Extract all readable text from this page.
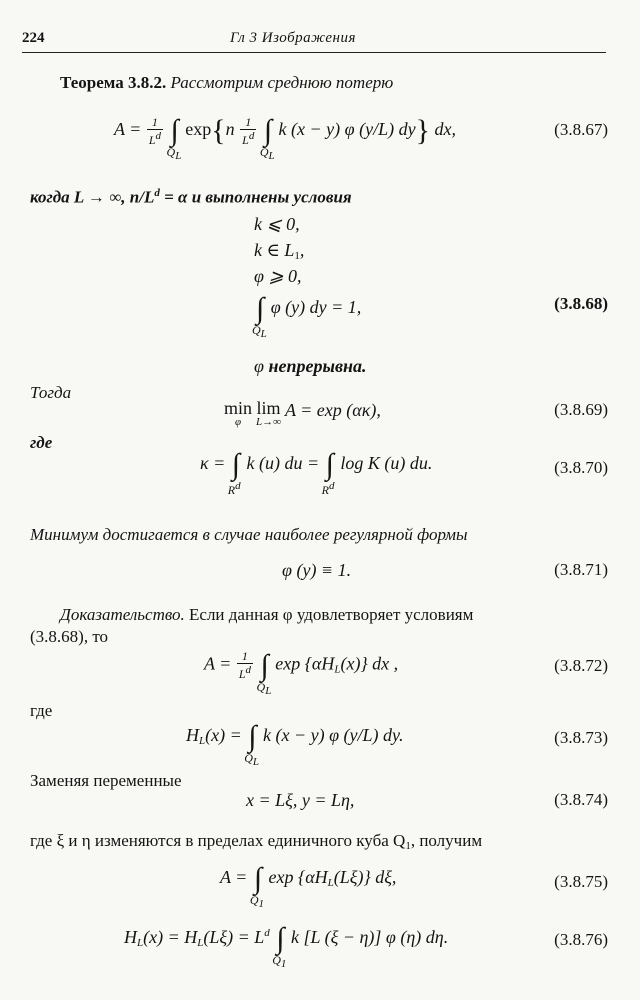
224	Гл 3 Изображения
Теорема 3.8.2. Рассмотрим среднюю потерю
$A = \frac{1}{L^d}$ ∫
QL
$\exp\{n \frac{1}{L^d}$ ∫
QL
k (x − y) φ (y/L) dy} dx,	(3.8.67)
когда L → ∞, $n/L^d = \alpha$ и выполнены условия
k ⩽ 0,
k ∈ L1,
φ ⩾ 0,
∫
QL
φ (y) dy = 1,
φ непрерывна.
(3.8.68)
Тогда
min
φ
lim
L→∞
A = exp (ακ),	(3.8.69)
где
κ = ∫
$R^d$
k (u) du = ∫
$R^d$
log K (u) du.	(3.8.70)
Минимум достигается в случае наиболее регулярной формы
φ (y) ≡ 1.	(3.8.71)
Доказательство. Если данная φ удовлетворяет условиям
(3.8.68), то
$A = \frac{1}{L^d}$ ∫
QL
exp {αHL(x)} dx ,	(3.8.72)
где
HL(x) = ∫
QL
k (x − y) φ (y/L) dy.	(3.8.73)
Заменяя переменные
x = Lξ, y = Lη,	(3.8.74)
где ξ и η изменяются в пределах единичного куба Q1, получим
A = ∫
Q1
exp {αHL(Lξ)} dξ,	(3.8.75)
$HL(x) = HL(L\xi) = L^d$ ∫
Q1
k [L (ξ − η)] φ (η) dη.	(3.8.76)
